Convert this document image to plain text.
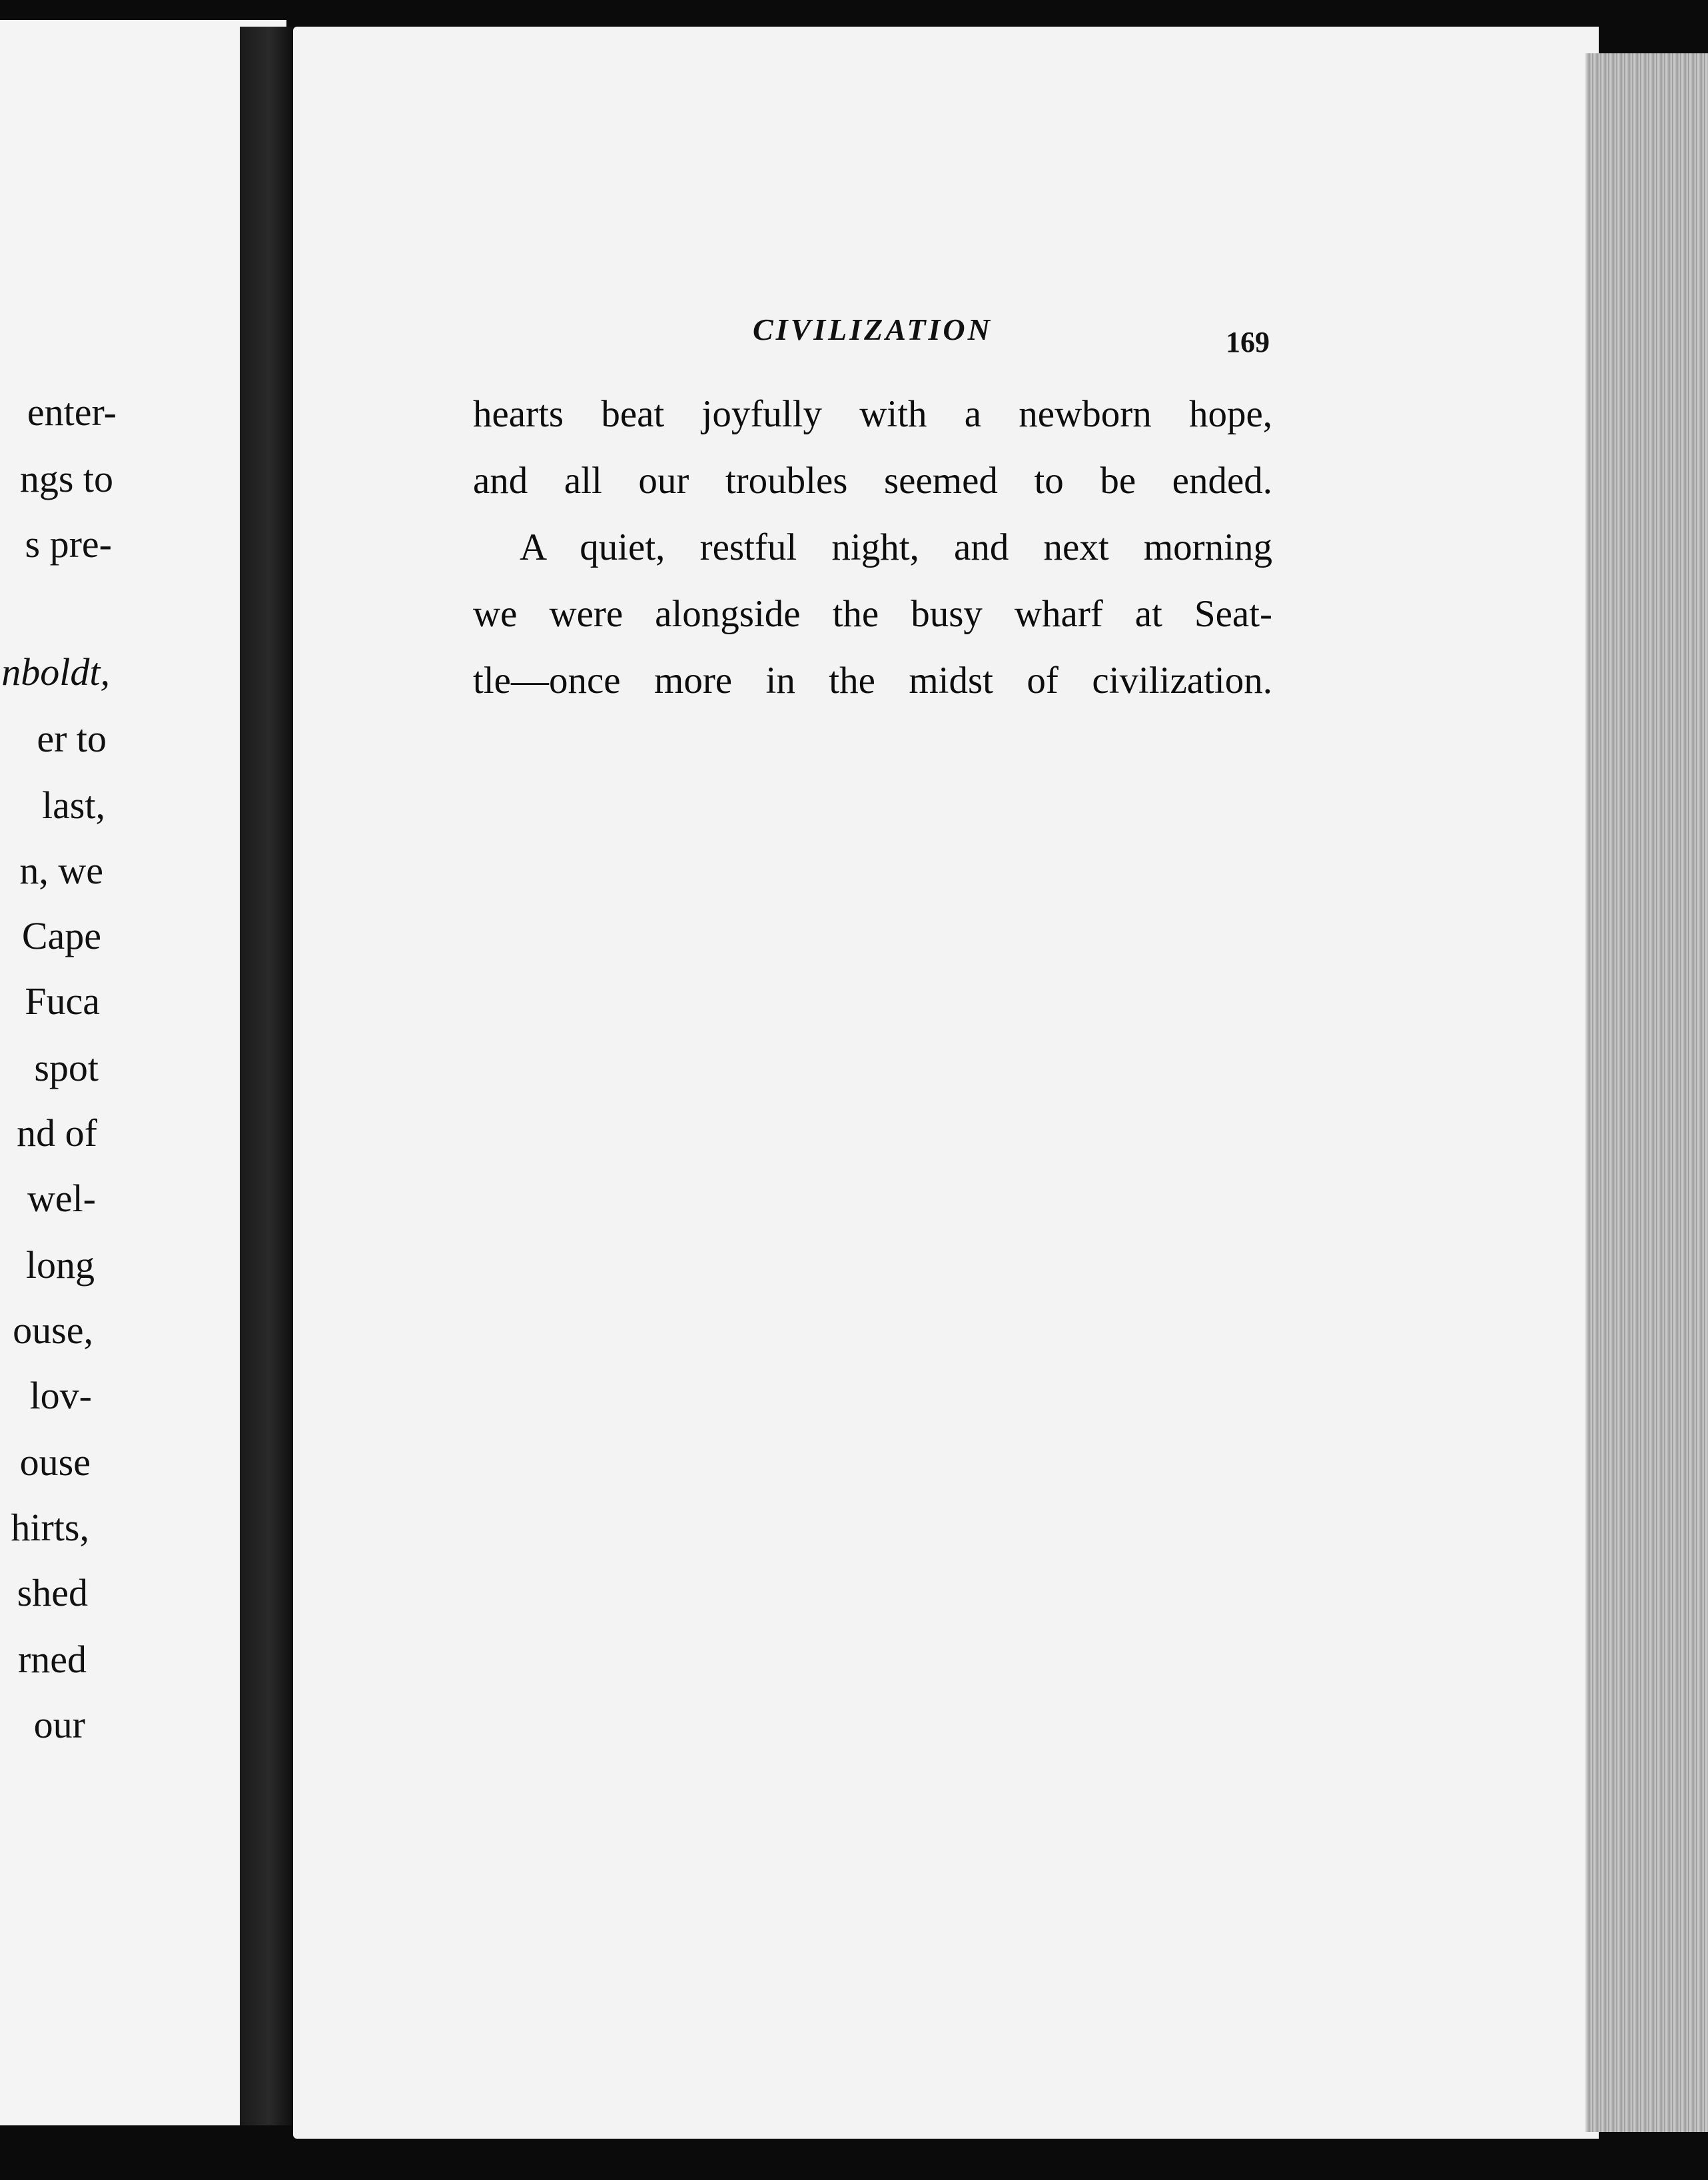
enter-
ngs to
s pre-
nboldt,
er to
last,
n, we
Cape
Fuca
spot
nd of
wel-
long
ouse,
lov-
ouse
hirts,
shed
rned
our
CIVILIZATION	169
hearts beat joyfully with a newborn hope,
and all our troubles seemed to be ended.
A quiet, restful night, and next morning
we were alongside the busy wharf at Seat-
tle—once more in the midst of civilization.
